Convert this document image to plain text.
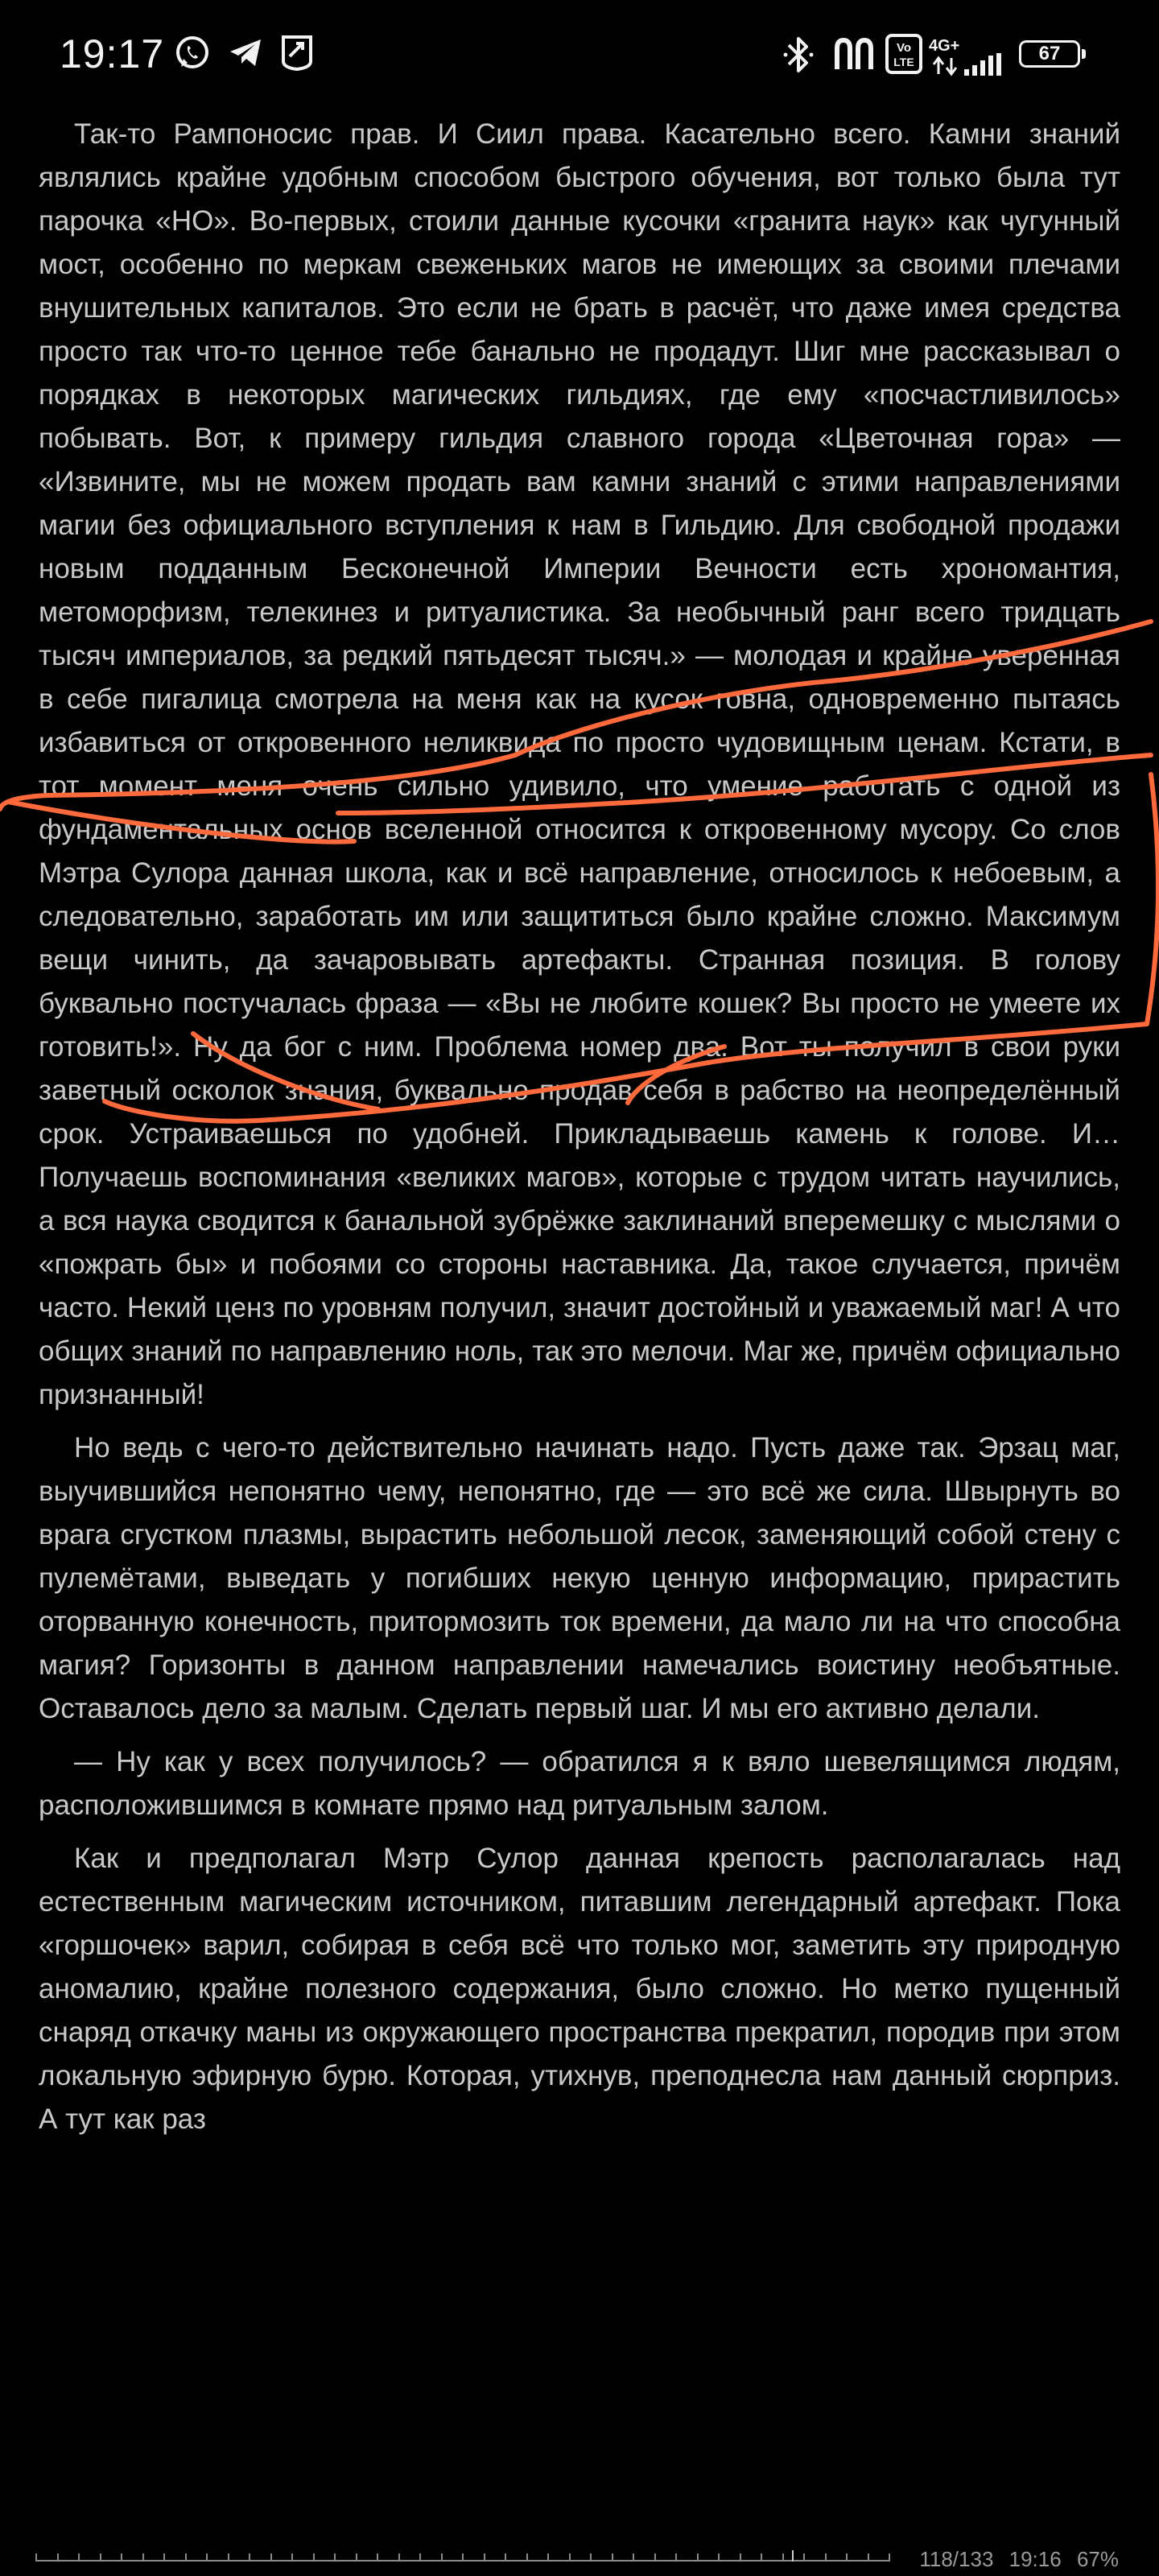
19:17	Vo
LTE
4G+	67

Так-то Рампоносис прав. И Сиил права. Касательно всего. Камни знаний являлись крайне удобным способом быстрого обучения, вот только была тут парочка «НО». Во-первых, стоили данные кусочки «гранита наук» как чугунный мост, особенно по меркам свеженьких магов не имеющих за своими плечами внушительных капиталов. Это если не брать в расчёт, что даже имея средства просто так что-то ценное тебе банально не продадут. Шиг мне рассказывал о порядках в некоторых магических гильдиях, где ему «посчастливилось» побывать. Вот, к примеру гильдия славного города «Цветочная гора» — «Извините, мы не можем продать вам камни знаний с этими направлениями магии без официального вступления к нам в Гильдию. Для свободной продажи новым подданным Бесконечной Империи Вечности есть хрономантия, метоморфизм, телекинез и ритуалистика. За необычный ранг всего тридцать тысяч империалов, за редкий пятьдесят тысяч.» — молодая и крайне уверенная в себе пигалица смотрела на меня как на кусок говна, одновременно пытаясь избавиться от откровенного неликвида по просто чудовищным ценам. Кстати, в тот момент меня очень сильно удивило, что умение работать с одной из фундаментальных основ вселенной относится к откровенному мусору. Со слов Мэтра Сулора данная школа, как и всё направление, относилось к небоевым, а следовательно, заработать им или защититься было крайне сложно. Максимум вещи чинить, да зачаровывать артефакты. Странная позиция. В голову буквально постучалась фраза — «Вы не любите кошек? Вы просто не умеете их готовить!». Ну да бог с ним. Проблема номер два. Вот ты получил в свои руки заветный осколок знания, буквально продав себя в рабство на неопределённый срок. Устраиваешься по удобней. Прикладываешь камень к голове. И… Получаешь воспоминания «великих магов», которые с трудом читать научились, а вся наука сводится к банальной зубрёжке заклинаний вперемешку с мыслями о «пожрать бы» и побоями со стороны наставника. Да, такое случается, причём часто. Некий ценз по уровням получил, значит достойный и уважаемый маг! А что общих знаний по направлению ноль, так это мелочи. Маг же, причём официально признанный!

Но ведь с чего-то действительно начинать надо. Пусть даже так. Эрзац маг, выучившийся непонятно чему, непонятно, где — это всё же сила. Швырнуть во врага сгустком плазмы, вырастить небольшой лесок, заменяющий собой стену с пулемётами, выведать у погибших некую ценную информацию, прирастить оторванную конечность, притормозить ток времени, да мало ли на что способна магия? Горизонты в данном направлении намечались воистину необъятные. Оставалось дело за малым. Сделать первый шаг. И мы его активно делали.

— Ну как у всех получилось? — обратился я к вяло шевелящимся людям, расположившимся в комнате прямо над ритуальным залом.

Как и предполагал Мэтр Сулор данная крепость располагалась над естественным магическим источником, питавшим легендарный артефакт. Пока «горшочек» варил, собирая в себя всё что только мог, заметить эту природную аномалию, крайне полезного содержания, было сложно. Но метко пущенный снаряд откачку маны из окружающего пространства прекратил, породив при этом локальную эфирную бурю. Которая, утихнув, преподнесла нам данный сюрприз. А тут как раз

118/133 19:16 67%
